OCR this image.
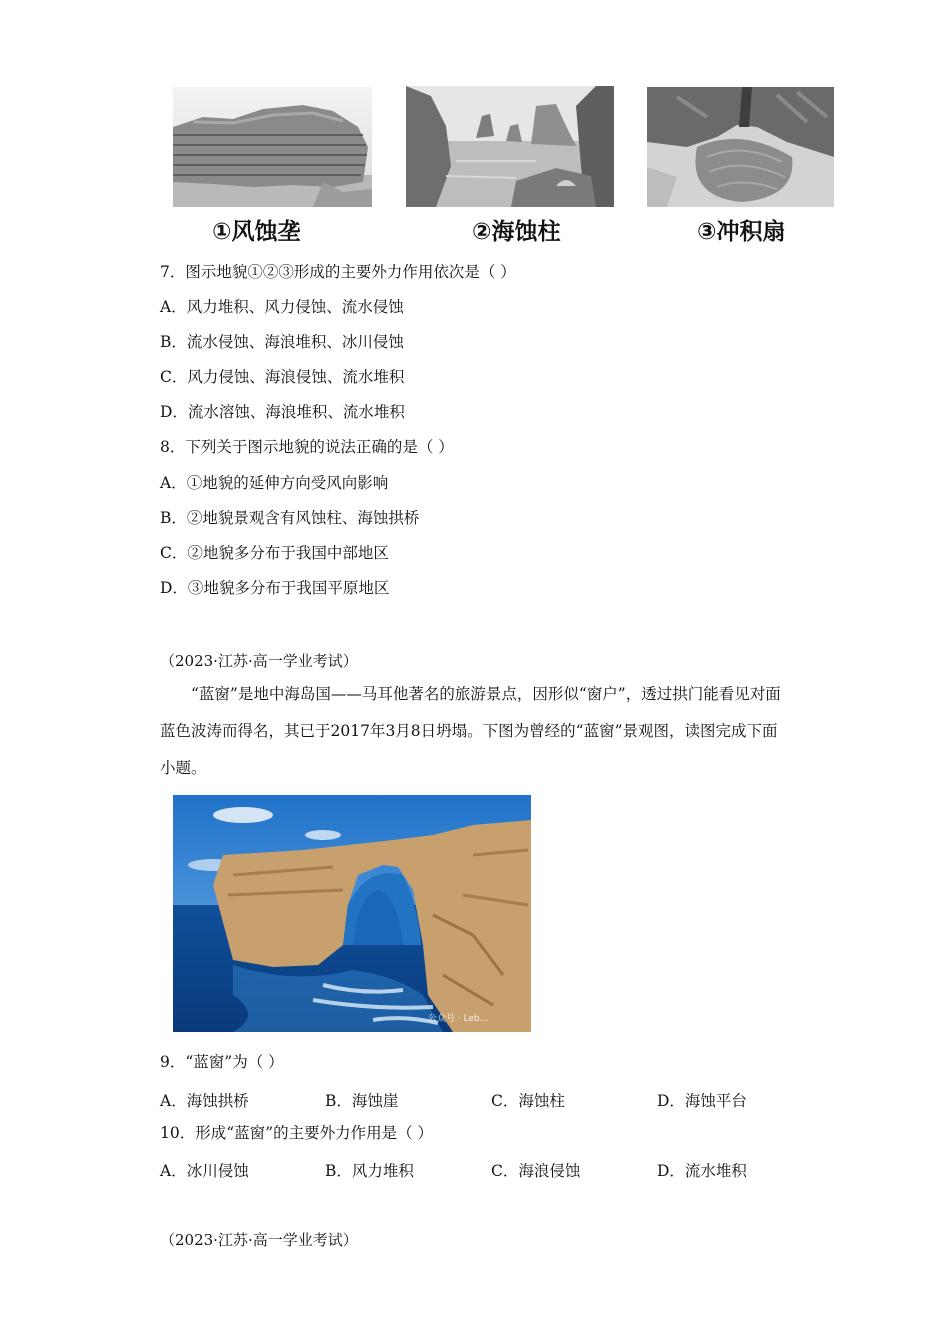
①风蚀垄	②海蚀柱	③冲积扇
7．图示地貌①②③形成的主要外力作用依次是（ ）
A．风力堆积、风力侵蚀、流水侵蚀
B．流水侵蚀、海浪堆积、冰川侵蚀
C．风力侵蚀、海浪侵蚀、流水堆积
D．流水溶蚀、海浪堆积、流水堆积
8．下列关于图示地貌的说法正确的是（ ）
A．①地貌的延伸方向受风向影响
B．②地貌景观含有风蚀柱、海蚀拱桥
C．②地貌多分布于我国中部地区
D．③地貌多分布于我国平原地区
（2023·江苏·高一学业考试）
“蓝窗”是地中海岛国——马耳他著名的旅游景点，因形似“窗户”，透过拱门能看见对面蓝色波涛而得名，其已于2017年3月8日坍塌。下图为曾经的“蓝窗”景观图，读图完成下面小题。
公众号 · Leb...
9．“蓝窗”为（ ）
A．海蚀拱桥	B．海蚀崖	C．海蚀柱	D．海蚀平台
10．形成“蓝窗”的主要外力作用是（ ）
A．冰川侵蚀	B．风力堆积	C．海浪侵蚀	D．流水堆积
（2023·江苏·高一学业考试）
